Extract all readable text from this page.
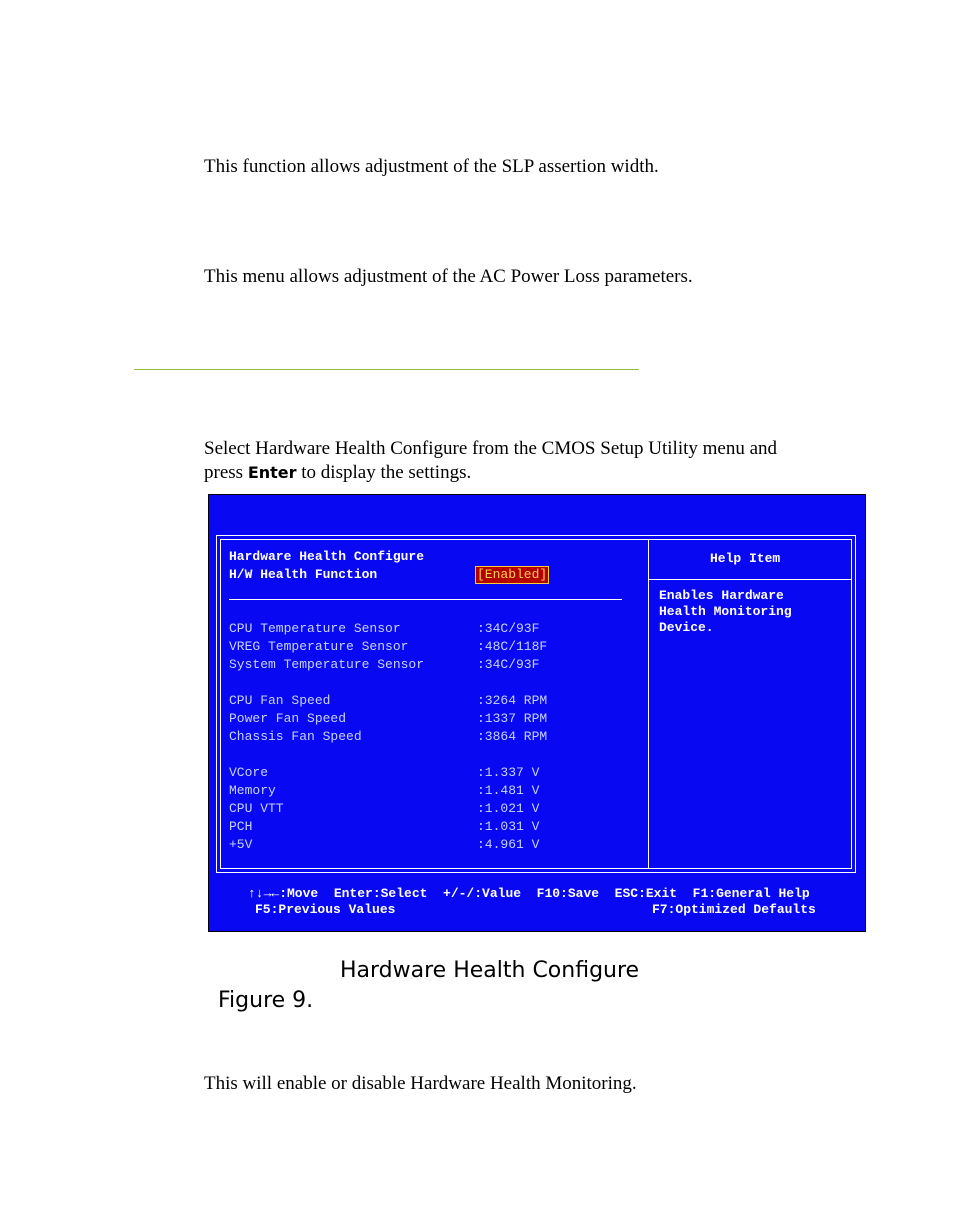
This function allows adjustment of the SLP assertion width.

This menu allows adjustment of the AC Power Loss parameters.

Select Hardware Health Configure from the CMOS Setup Utility menu and
press Enter to display the settings.

Hardware Health Configure
H/W Health Function	[Enabled]
CPU Temperature Sensor	:34C/93F
VREG Temperature Sensor	:48C/118F
System Temperature Sensor	:34C/93F
CPU Fan Speed	:3264 RPM
Power Fan Speed	:1337 RPM
Chassis Fan Speed	:3864 RPM
VCore	:1.337 V
Memory	:1.481 V
CPU VTT	:1.021 V
PCH	:1.031 V
+5V	:4.961 V
Help Item
Enables Hardware
Health Monitoring
Device.
↑↓→←:Move  Enter:Select  +/-/:Value  F10:Save  ESC:Exit  F1:General Help
F5:Previous Values	F7:Optimized Defaults

Figure 9.

Hardware Health Configure

This will enable or disable Hardware Health Monitoring.
